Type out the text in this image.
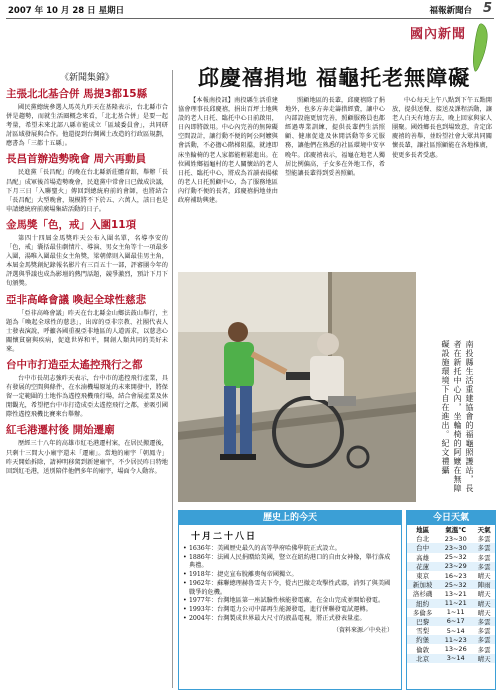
2007 年 10 月 28 日 星期日	福報新聞台 5
國內新聞
《新聞集錦》
主張北北基合併 馬提3都15縣

國民黨總統參選人馬英九昨天在基隆表示，台北縣市合併是趨勢，而就生活圈概念來看，「北北基合併」是要一起考量，希望未來北部八縣市能成立「區域委員會」，共同研討區域發展與合作。他還提到台灣國土改造的行政區規劃，應書為「三都十五縣」。

長昌首辦造勢晚會 周六再動員

民進黨「長昌配」的晚在台北縣新莊體育館，舉辦「長昌配」成軍後首場造勢晚會，民進黨中常會日已做成決議，下月三日「入聯聖火」傳回到總統府前的會師，也將結合「長昌配」大型晚會，規模將不下於五、六萬人，該日也是申請總統府前廣場集結活動的日子。

金馬獎「色，戒」入圍11項

第四十四屆金馬獎昨天公布入圍名單，名導李安的「色，戒」囊括最佳劇情片、導演、男女主角等十一項最多入圍，湯唯入圍最佳女主角獎，梁朝偉則入圍最佳男主角，本屆金馬獎創紀錄報名影片有三百五十一部，評審團今年的評選與爭議也成為影壇的熱門話題，競爭激烈，預計下月下旬頒獎。

亞非高峰會議 喚起全球性慈悲

「亞非高峰會議」昨天在台北縣金山鄉法鼓山舉行，主題為「喚起全球性的慈悲」，出席的亞非宗教、社團代表人士發表演說，呼籲各國重視亞非地區的人道需求，以慈悲心關懷貧窮與疾病，促進世界和平，開創人類共同的美好未來。

台中市打造亞太遙控飛行之都

台中市長胡志強昨天表示，台中市的遙控飛行產業，具有發展的空間與條件，在水湳機場原址的未來開發中，將保留一定範圍的土地作為遙控飛機飛行場，結合會展產業及休閒觀光，希望把台中市打造成亞太遙控飛行之都，並吸引國際性遙控飛機比賽來台舉辦。

紅毛港遷村後 開始遷廟

歷經三十八年的高雄市紅毛港遷村案，在居民搬遷後，只剩十三間大小廟宇還未「遷廟」。當地的廟宇「朝鳳寺」昨天開始拆除，請神明移駕到新建廟宇，不少居民昨日特地回到紅毛港，送別陪伴他們多年的廟宇，場面令人動容。

邱慶禧捐地 福龜托老無障礙

【本報南投訊】南投縣生活重建協會理事長邱慶禧，捐出百坪土地興設的老人日托、臨托中心日前啟用，日內即將啟用。中心內完善的無障礙空間設計，讓行動不便的阿公阿嬤與會活動，不必擔心階梯阻擋，就連即床坐輪椅的老人家都能輕鬆進出。在位國姓鄉福龜村的老人關懷站的老人日托、臨托中心，將成為首讀表揚樣的老人日托照顧中心，為了服務地區內行動不便的長者，邱慶禧捐地並由政府補助興建。

照顧地區的長輩，邱慶禧除了捐地外，也多方奔走籌措經費，讓中心內部設施更加完善，照顧服務員也都經過專業訓練，提供長輩們生活照顧、健康促進及休閒活動等多元服務，讓他們在熟悉的社區環境中安享晚年。邱慶禧表示，福龜在地老人獨居比例偏高，子女多在外地工作，希望能讓長輩得到妥善照顧。

中心每天上午八點到下午五點開放，提供送餐、接送及課程活動，讓老人白天有地方去，晚上回家與家人團聚。國姓鄉長也到場致意，肯定邱慶禧的善舉，並盼望社會大眾共同關懷長輩，讓社區照顧能在各地推廣，使更多長者受惠。

南投縣生活重建協會的福龜照護站，長者在新托中心內，坐輪椅的阿嬤在無障礙設施環境下自在進出。紀文禮攝
歷史上的今天
十月二十八日
• 1636年：美國歷史最久的高等學府哈佛學院正式設立。
• 1886年：法國人民捐贈給美國，豎立在紐約港口的自由女神像，舉行落成典禮。
• 1918年：捷克宣布脫離奧匈帝國獨立。
• 1962年：蘇聯總理赫魯雪夫下令，從古巴撤走攻擊性武器，消弭了與美國戰爭的危機。
• 1977年：台灣地區第一座試驗性核能發電廠，在金山完成並開始發電。
• 1993年：台灣電力公司中部再生能源發電，進行併聯發電試運轉。
• 2004年：台灣製成世界最大尺寸的液晶電視，將正式發表量產。
（資料來源／中央社）
今日天氣
地區	氣溫℃	天氣
台北	23~30	多雲
台中	23~30	多雲
高雄	25~32	多雲
花蓮	23~29	多雲
東京	16~23	晴天
新加坡	25~32	陣雨
洛杉磯	13~21	晴天
紐約	11~21	晴天
多倫多	1~11	晴天
巴黎	6~17	多雲
雪梨	5~14	多雲
約堡	11~23	多雲
倫敦	13~26	多雲
北京	3~14	晴天
